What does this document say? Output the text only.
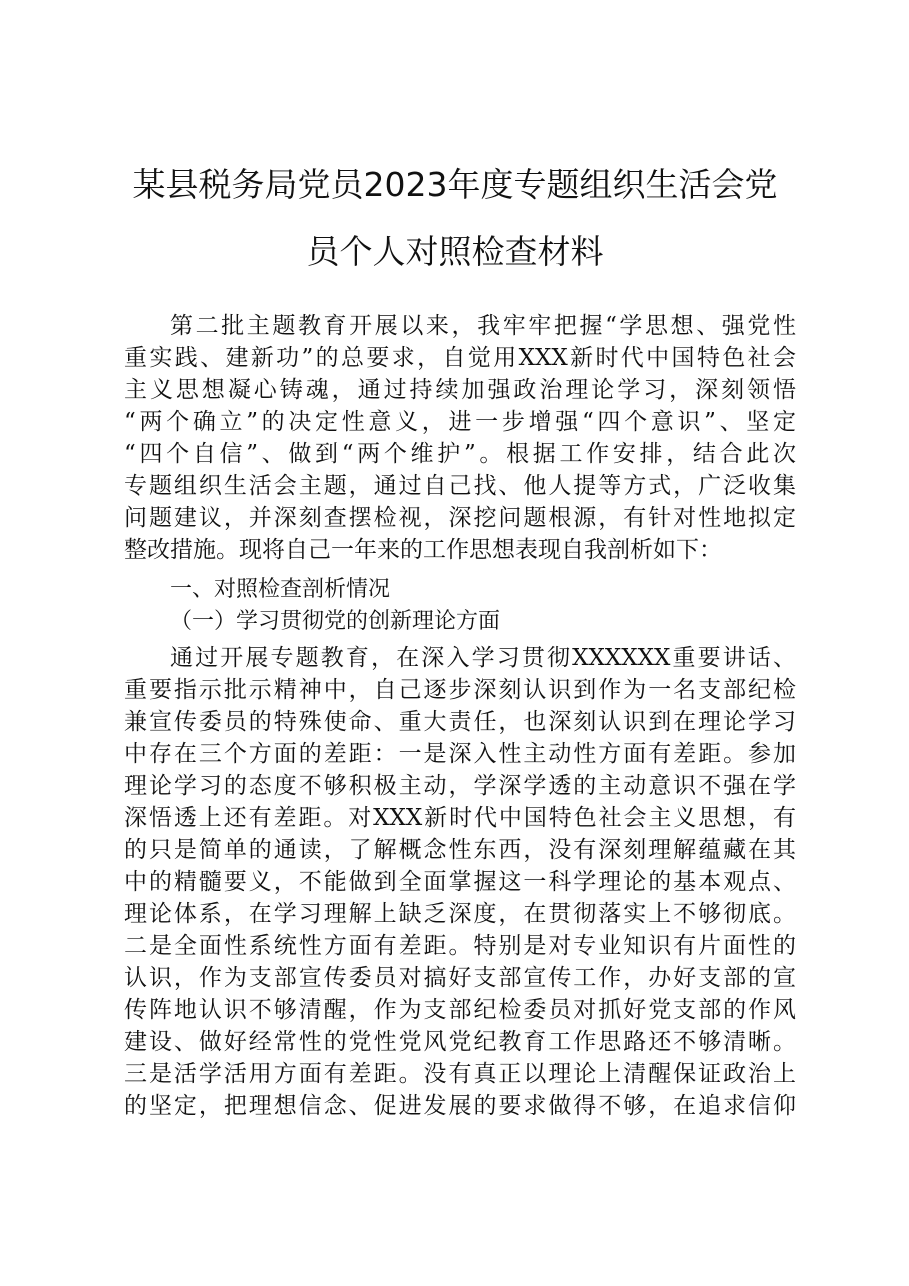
某县税务局党员2023年度专题组织生活会党
员个人对照检查材料
第二批主题教育开展以来，我牢牢把握“学思想、强党性
重实践、建新功”的总要求，自觉用XXX新时代中国特色社会
主义思想凝心铸魂，通过持续加强政治理论学习，深刻领悟
“两个确立”的决定性意义，进一步增强“四个意识”、坚定
“四个自信”、做到“两个维护”。根据工作安排，结合此次
专题组织生活会主题，通过自己找、他人提等方式，广泛收集
问题建议，并深刻查摆检视，深挖问题根源，有针对性地拟定
整改措施。现将自己一年来的工作思想表现自我剖析如下：
一、对照检查剖析情况
（一）学习贯彻党的创新理论方面
通过开展专题教育，在深入学习贯彻XXXXXX重要讲话、
重要指示批示精神中，自己逐步深刻认识到作为一名支部纪检
兼宣传委员的特殊使命、重大责任，也深刻认识到在理论学习
中存在三个方面的差距：一是深入性主动性方面有差距。参加
理论学习的态度不够积极主动，学深学透的主动意识不强在学
深悟透上还有差距。对XXX新时代中国特色社会主义思想，有
的只是简单的通读，了解概念性东西，没有深刻理解蕴藏在其
中的精髓要义，不能做到全面掌握这一科学理论的基本观点、
理论体系，在学习理解上缺乏深度，在贯彻落实上不够彻底。
二是全面性系统性方面有差距。特别是对专业知识有片面性的
认识，作为支部宣传委员对搞好支部宣传工作，办好支部的宣
传阵地认识不够清醒，作为支部纪检委员对抓好党支部的作风
建设、做好经常性的党性党风党纪教育工作思路还不够清晰。
三是活学活用方面有差距。没有真正以理论上清醒保证政治上
的坚定，把理想信念、促进发展的要求做得不够，在追求信仰
